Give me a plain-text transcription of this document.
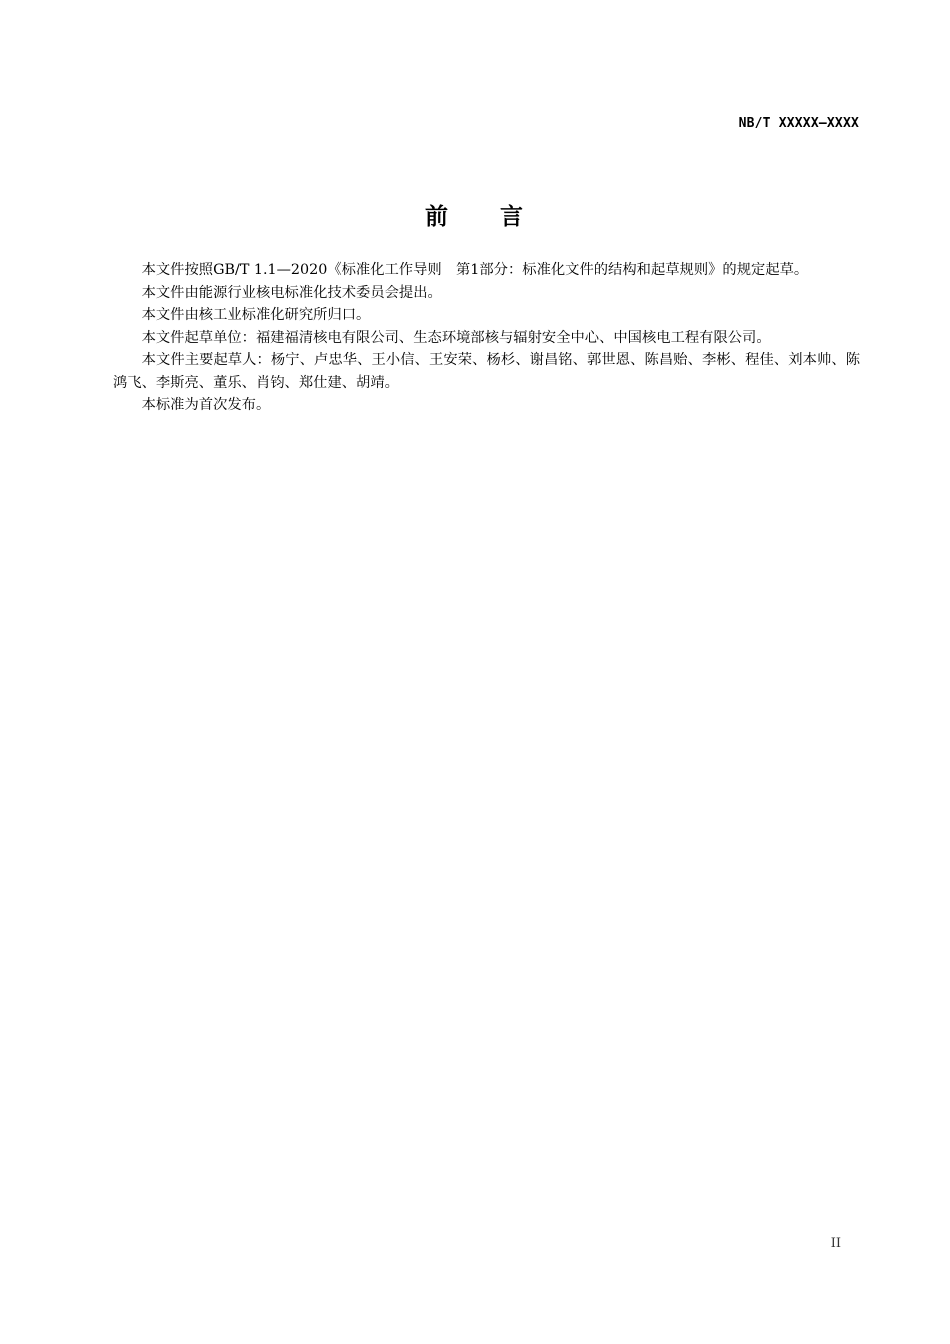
NB/T XXXXX—XXXX
前　　言

本文件按照GB/T 1.1—2020《标准化工作导则　第1部分：标准化文件的结构和起草规则》的规定起草。

本文件由能源行业核电标准化技术委员会提出。

本文件由核工业标准化研究所归口。

本文件起草单位：福建福清核电有限公司、生态环境部核与辐射安全中心、中国核电工程有限公司。

本文件主要起草人：杨宁、卢忠华、王小信、王安荣、杨杉、谢昌铭、郭世恩、陈昌贻、李彬、程佳、刘本帅、陈鸿飞、李斯亮、董乐、肖钧、郑仕建、胡靖。

本标准为首次发布。

II
